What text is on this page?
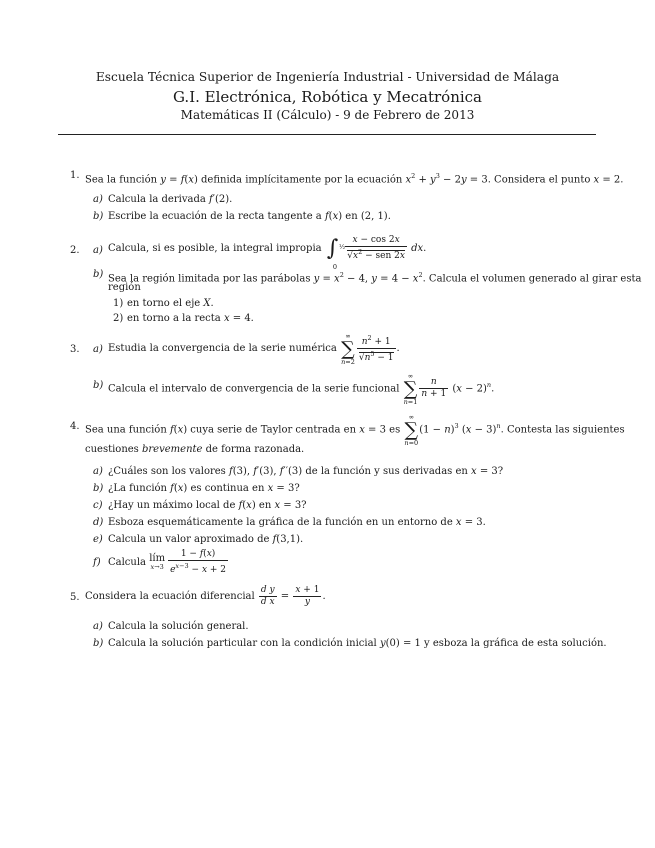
Escuela Técnica Superior de Ingeniería Industrial - Universidad de Málaga
G.I. Electrónica, Robótica y Mecatrónica
Matemáticas II (Cálculo) - 9 de Febrero de 2013
1. Sea la función y = f(x) definida implícitamente por la ecuación $x^2 + y^3 - 2y = 3$. Considera el punto x = 2.
a) Calcula la derivada f′(2).
b) Escribe la ecuación de la recta tangente a f(x) en (2, 1).
2. a) Calcula, si es posible, la integral impropia ∫ ½
0
$\frac{x - \cos 2x}{√x^2 - sen 2x}$ dx.
b) Sea la región limitada por las parábolas $y = x^2 - 4$, $y = 4 - x^2$. Calcula el volumen generado al girar esta
región
1) en torno el eje X.
2) en torno a la recta x = 4.
3. a) Estudia la convergencia de la serie numérica
∞
∑
$n=2 \frac{n^2 + 1}{√n^5 - 1}$ .
b) Calcula el intervalo de convergencia de la serie funcional
∞
∑
n=1
$\frac{n}{n + 1} (x - 2)^n$.
4. Sea una función f(x) cuya serie de Taylor centrada en x = 3 es
∞
∑
n=0
$(1 - n)^3$ $(x - 3)^n$. Contesta las siguientes
cuestiones brevemente de forma razonada.
a) ¿Cuáles son los valores f(3), f′(3), f′′(3) de la función y sus derivadas en x = 3?
b) ¿La función f(x) es continua en x = 3?
c) ¿Hay un máximo local de f(x) en x = 3?
d) Esboza esquemáticamente la gráfica de la función en un entorno de x = 3.
e) Calcula un valor aproximado de f(3,1).
f) Calcula lím
$x\to 3 \frac{1 - f(x)}{e^{x-3} - x + 2}$
5. Considera la ecuación diferencial $\frac{\text{d y}}{\text{d x}} = \frac{x + 1}{y}$ .
a) Calcula la solución general.
b) Calcula la solución particular con la condición inicial y(0) = 1 y esboza la gráfica de esta solución.
